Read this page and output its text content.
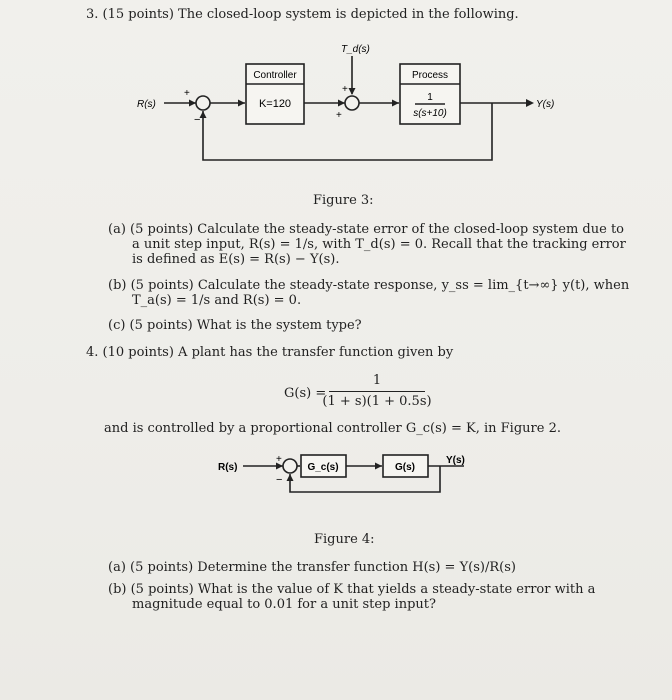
3. (15 points) The closed-loop system is depicted in the following.
R(s)	Y(s)
T_d(s)
+
−
+
+
Controller
K=120
Process
1
s(s+10)
Figure 3:
(a) (5 points) Calculate the steady-state error of the closed-loop system due to a unit step input, R(s) = 1/s, with T_d(s) = 0. Recall that the tracking error is defined as E(s) = R(s) − Y(s).
(b) (5 points) Calculate the steady-state response, y_ss = lim_{t→∞} y(t), when T_a(s) = 1/s and R(s) = 0.
(c) (5 points) What is the system type?
4. (10 points) A plant has the transfer function given by
G(s) =
1
(1 + s)(1 + 0.5s)
and is controlled by a proportional controller G_c(s) = K, in Figure 2.
R(s)
Y(s)
G_c(s)	G(s)
+
−
Figure 4:
(a) (5 points) Determine the transfer function H(s) = Y(s)/R(s)
(b) (5 points) What is the value of K that yields a steady-state error with a magnitude equal to 0.01 for a unit step input?
